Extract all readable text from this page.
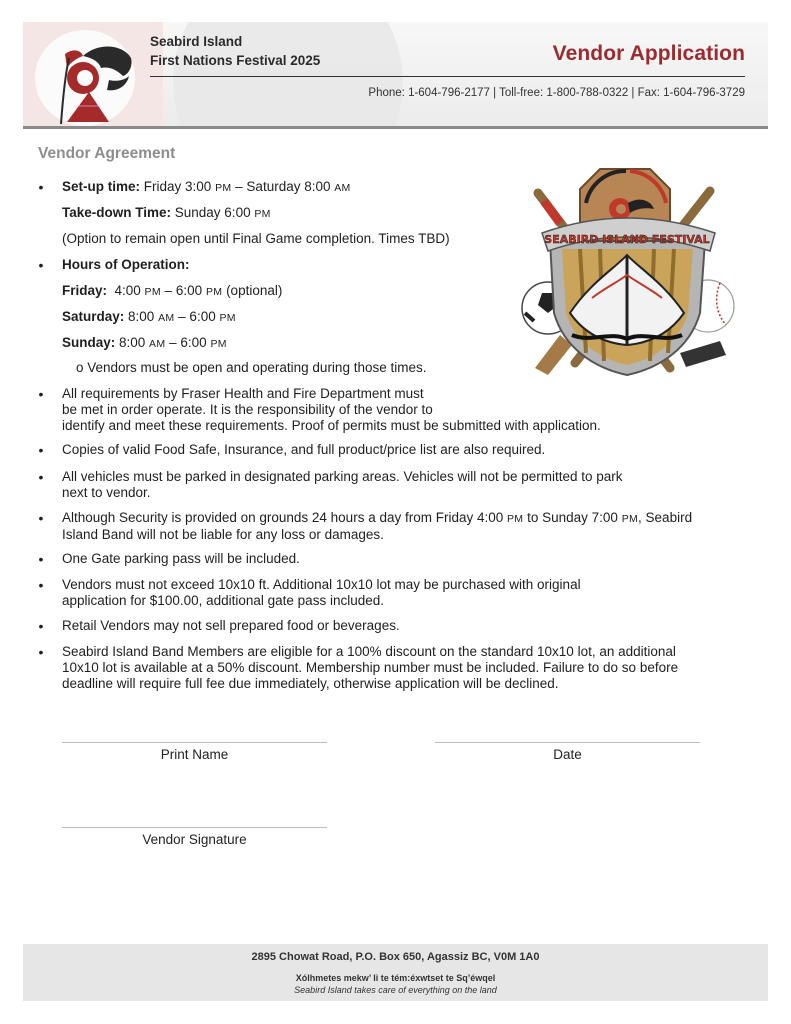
Seabird Island
First Nations Festival 2025	Vendor Application
Phone: 1-604-796-2177 | Toll-free: 1-800-788-0322 | Fax: 1-604-796-3729
Vendor Agreement
SEABIRD ISLAND FESTIVAL
•
Set-up time: Friday 3:00 PM – Saturday 8:00 AM
Take-down Time: Sunday 6:00 PM
(Option to remain open until Final Game completion. Times TBD)
•
Hours of Operation:
Friday:  4:00 PM – 6:00 PM (optional)
Saturday: 8:00 AM – 6:00 PM
Sunday: 8:00 AM – 6:00 PM
o Vendors must be open and operating during those times.
•
All requirements by Fraser Health and Fire Department must
be met in order operate. It is the responsibility of the vendor to
identify and meet these requirements. Proof of permits must be submitted with application.
•
Copies of valid Food Safe, Insurance, and full product/price list are also required.
•
All vehicles must be parked in designated parking areas. Vehicles will not be permitted to park
next to vendor.
•
Although Security is provided on grounds 24 hours a day from Friday 4:00 PM to Sunday 7:00 PM, Seabird
Island Band will not be liable for any loss or damages.
•
One Gate parking pass will be included.
•
Vendors must not exceed 10x10 ft. Additional 10x10 lot may be purchased with original
application for $100.00, additional gate pass included.
•
Retail Vendors may not sell prepared food or beverages.
•
Seabird Island Band Members are eligible for a 100% discount on the standard 10x10 lot, an additional
10x10 lot is available at a 50% discount. Membership number must be included. Failure to do so before
deadline will require full fee due immediately, otherwise application will be declined.
Print Name	Date
Vendor Signature
2895 Chowat Road, P.O. Box 650, Agassiz BC, V0M 1A0
Xólhmetes mekw’ li te tém:éxwtset te Sq’éwqel
Seabird Island takes care of everything on the land
